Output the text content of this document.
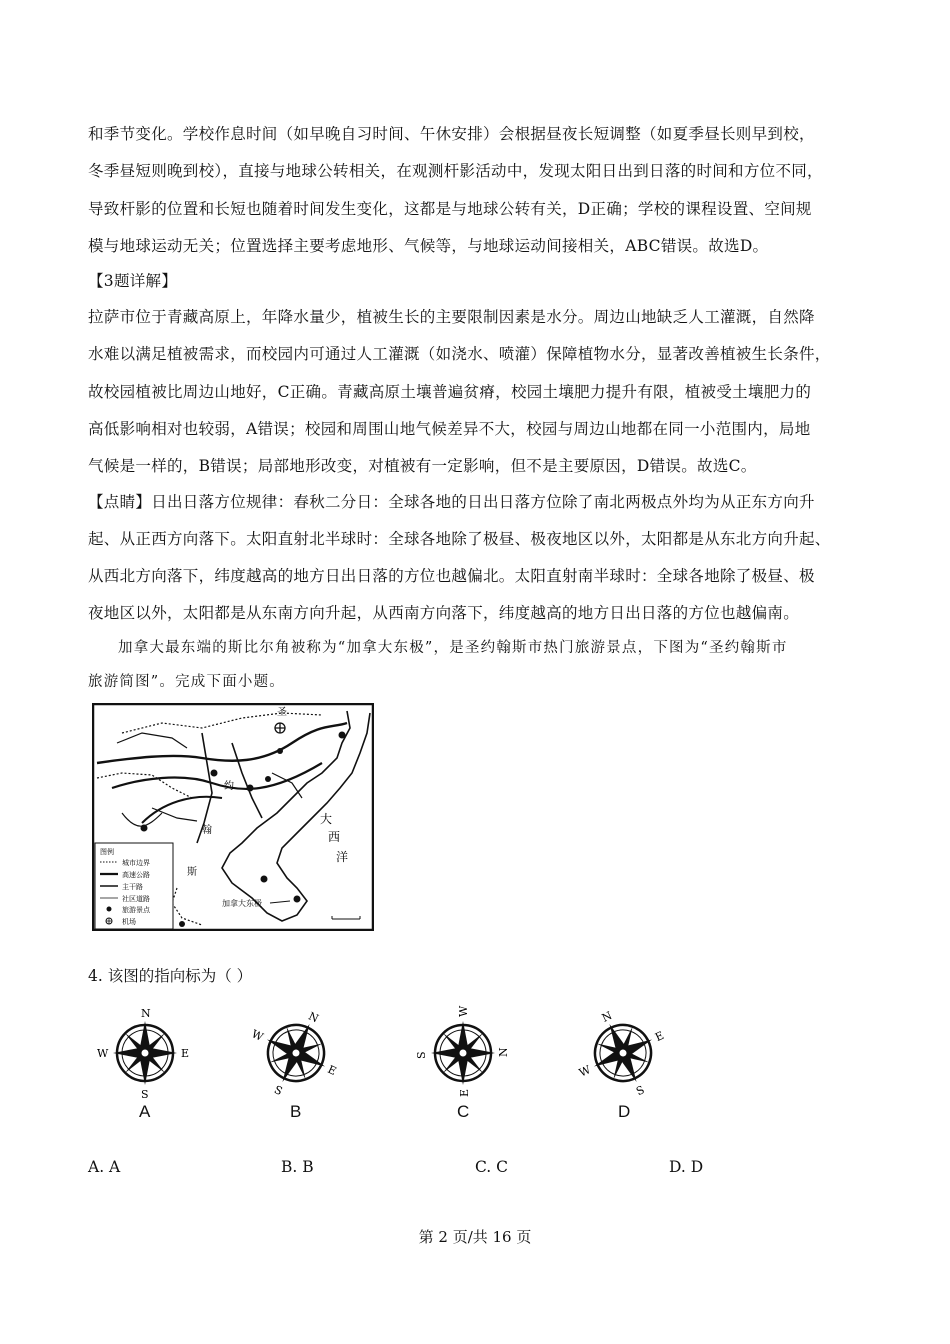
和季节变化。学校作息时间（如早晚自习时间、午休安排）会根据昼夜长短调整（如夏季昼长则早到校，
冬季昼短则晚到校），直接与地球公转相关，在观测杆影活动中，发现太阳日出到日落的时间和方位不同，
导致杆影的位置和长短也随着时间发生变化，这都是与地球公转有关，D正确；学校的课程设置、空间规
模与地球运动无关；位置选择主要考虑地形、气候等，与地球运动间接相关，ABC错误。故选D。
【3题详解】
拉萨市位于青藏高原上，年降水量少，植被生长的主要限制因素是水分。周边山地缺乏人工灌溉，自然降
水难以满足植被需求，而校园内可通过人工灌溉（如浇水、喷灌）保障植物水分，显著改善植被生长条件，
故校园植被比周边山地好，C正确。青藏高原土壤普遍贫瘠，校园土壤肥力提升有限，植被受土壤肥力的
高低影响相对也较弱，A错误；校园和周围山地气候差异不大，校园与周边山地都在同一小范围内，局地
气候是一样的，B错误；局部地形改变，对植被有一定影响，但不是主要原因，D错误。故选C。
【点睛】日出日落方位规律：春秋二分日：全球各地的日出日落方位除了南北两极点外均为从正东方向升
起、从正西方向落下。太阳直射北半球时：全球各地除了极昼、极夜地区以外，太阳都是从东北方向升起、
从西北方向落下，纬度越高的地方日出日落的方位也越偏北。太阳直射南半球时：全球各地除了极昼、极
夜地区以外，太阳都是从东南方向升起，从西南方向落下，纬度越高的地方日出日落的方位也越偏南。
加拿大最东端的斯比尔角被称为“加拿大东极”，是圣约翰斯市热门旅游景点，下图为“圣约翰斯市
旅游简图”。完成下面小题。
圣
约
翰
斯
大
西
洋
加拿大东极
图例
城市边界
高速公路
主干路
社区道路
旅游景点
机场
4. 该图的指向标为（ ）
N
E
S
W
N
E
S
W
W
N
E
S
N
E
S
W
A	B	C	D
A. A	B. B	C. C	D. D
第 2 页/共 16 页
